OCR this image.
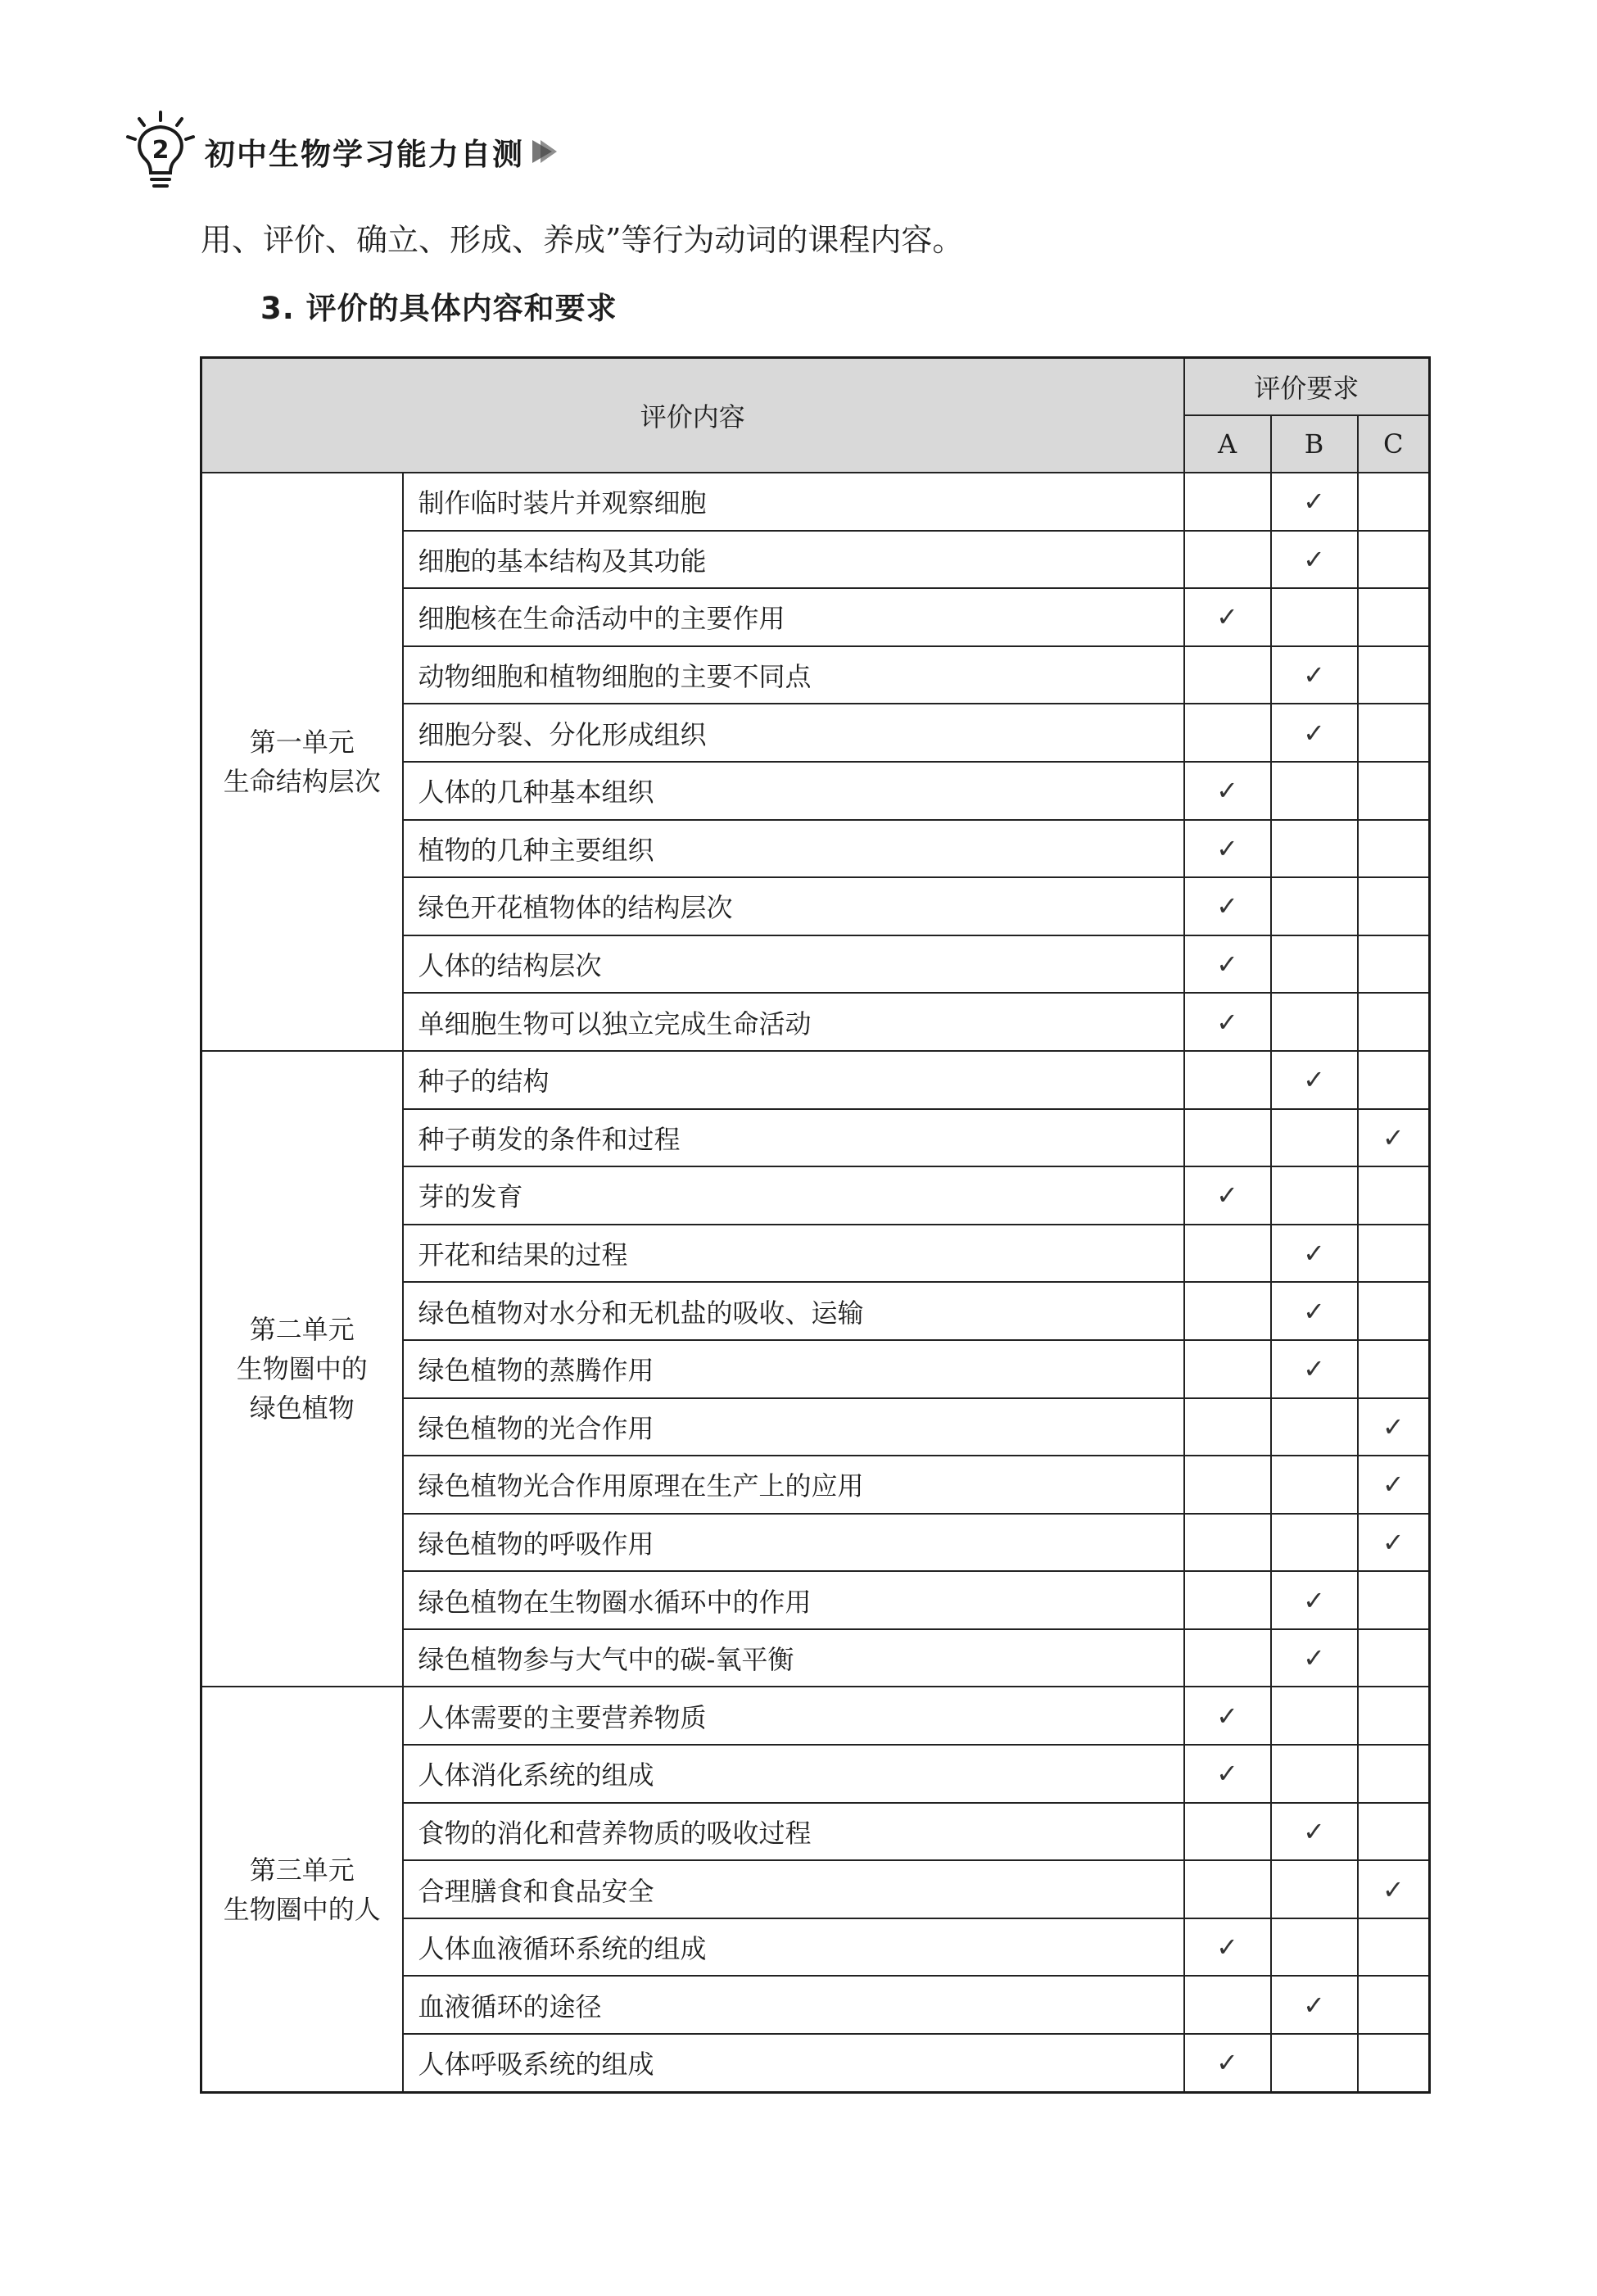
2 初中生物学习能力自测
用、评价、确立、形成、养成”等行为动词的课程内容。
3. 评价的具体内容和要求
评价内容		评价要求		
		A	B	C

第一单元
生命结构层次	制作临时装片并观察细胞		✓	
	细胞的基本结构及其功能		✓	
	细胞核在生命活动中的主要作用	✓		
	动物细胞和植物细胞的主要不同点		✓	
	细胞分裂、分化形成组织		✓	
	人体的几种基本组织	✓		
	植物的几种主要组织	✓		
	绿色开花植物体的结构层次	✓		
	人体的结构层次	✓		
	单细胞生物可以独立完成生命活动	✓		

第二单元
生物圈中的
绿色植物	种子的结构		✓	
	种子萌发的条件和过程			✓
	芽的发育	✓		
	开花和结果的过程		✓	
	绿色植物对水分和无机盐的吸收、运输		✓	
	绿色植物的蒸腾作用		✓	
	绿色植物的光合作用			✓
	绿色植物光合作用原理在生产上的应用			✓
	绿色植物的呼吸作用			✓
	绿色植物在生物圈水循环中的作用		✓	
	绿色植物参与大气中的碳-氧平衡		✓	

第三单元
生物圈中的人	人体需要的主要营养物质	✓		
	人体消化系统的组成	✓		
	食物的消化和营养物质的吸收过程		✓	
	合理膳食和食品安全			✓
	人体血液循环系统的组成	✓		
	血液循环的途径		✓	
	人体呼吸系统的组成	✓		
